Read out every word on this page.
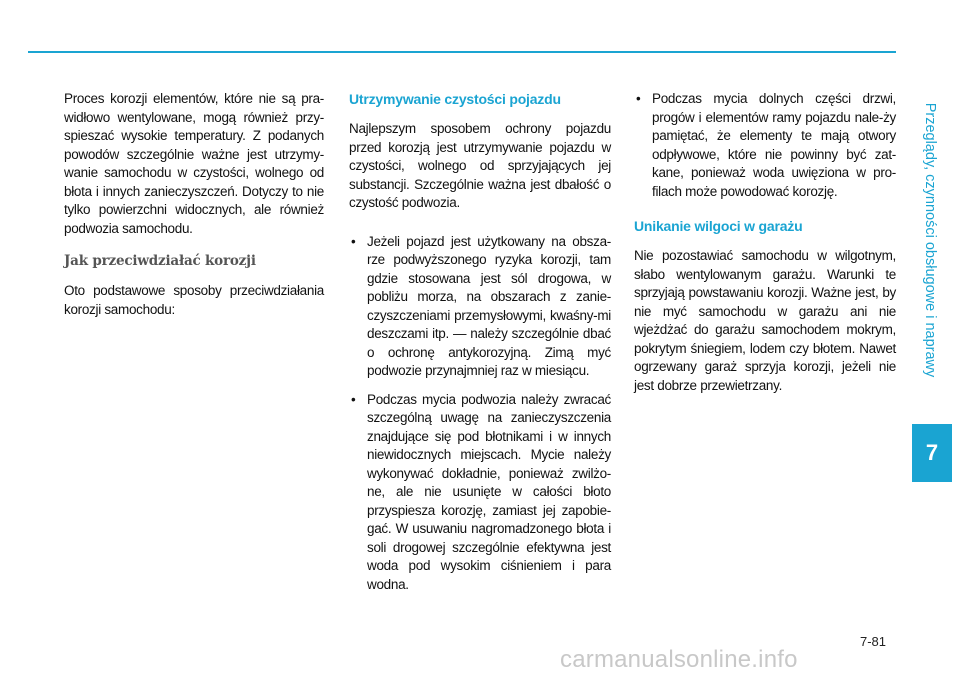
Proces korozji elementów, które nie są pra-widłowo wentylowane, mogą również przy-spieszać wysokie temperatury. Z podanych powodów szczególnie ważne jest utrzymy-wanie samochodu w czystości, wolnego od błota i innych zanieczyszczeń. Dotyczy to nie tylko powierzchni widocznych, ale również podwozia samochodu.

Jak przeciwdziałać korozji

Oto podstawowe sposoby przeciwdziałania korozji samochodu:

Utrzymywanie czystości pojazdu

Najlepszym sposobem ochrony pojazdu przed korozją jest utrzymywanie pojazdu w czystości, wolnego od sprzyjających jej substancji. Szczególnie ważna jest dbałość o czystość podwozia.

• Jeżeli pojazd jest użytkowany na obsza-rze podwyższonego ryzyka korozji, tam gdzie stosowana jest sól drogowa, w pobliżu morza, na obszarach z zanie-czyszczeniami przemysłowymi, kwaśny-mi deszczami itp. — należy szczególnie dbać o ochronę antykorozyjną. Zimą myć podwozie przynajmniej raz w miesiącu.
• Podczas mycia podwozia należy zwracać szczególną uwagę na zanieczyszczenia znajdujące się pod błotnikami i w innych niewidocznych miejscach. Mycie należy wykonywać dokładnie, ponieważ zwilżo-ne, ale nie usunięte w całości błoto przyspiesza korozję, zamiast jej zapobie-gać. W usuwaniu nagromadzonego błota i soli drogowej szczególnie efektywna jest woda pod wysokim ciśnieniem i para wodna.
• Podczas mycia dolnych części drzwi, progów i elementów ramy pojazdu nale-ży pamiętać, że elementy te mają otwory odpływowe, które nie powinny być zat-kane, ponieważ woda uwięziona w pro-filach może powodować korozję.
Unikanie wilgoci w garażu

Nie pozostawiać samochodu w wilgotnym, słabo wentylowanym garażu. Warunki te sprzyjają powstawaniu korozji. Ważne jest, by nie myć samochodu w garażu ani nie wjeżdżać do garażu samochodem mokrym, pokrytym śniegiem, lodem czy błotem. Nawet ogrzewany garaż sprzyja korozji, jeżeli nie jest dobrze przewietrzany.

Przeglądy, czynności obsługowe i naprawy
7
7-81
carmanualsonline.info
